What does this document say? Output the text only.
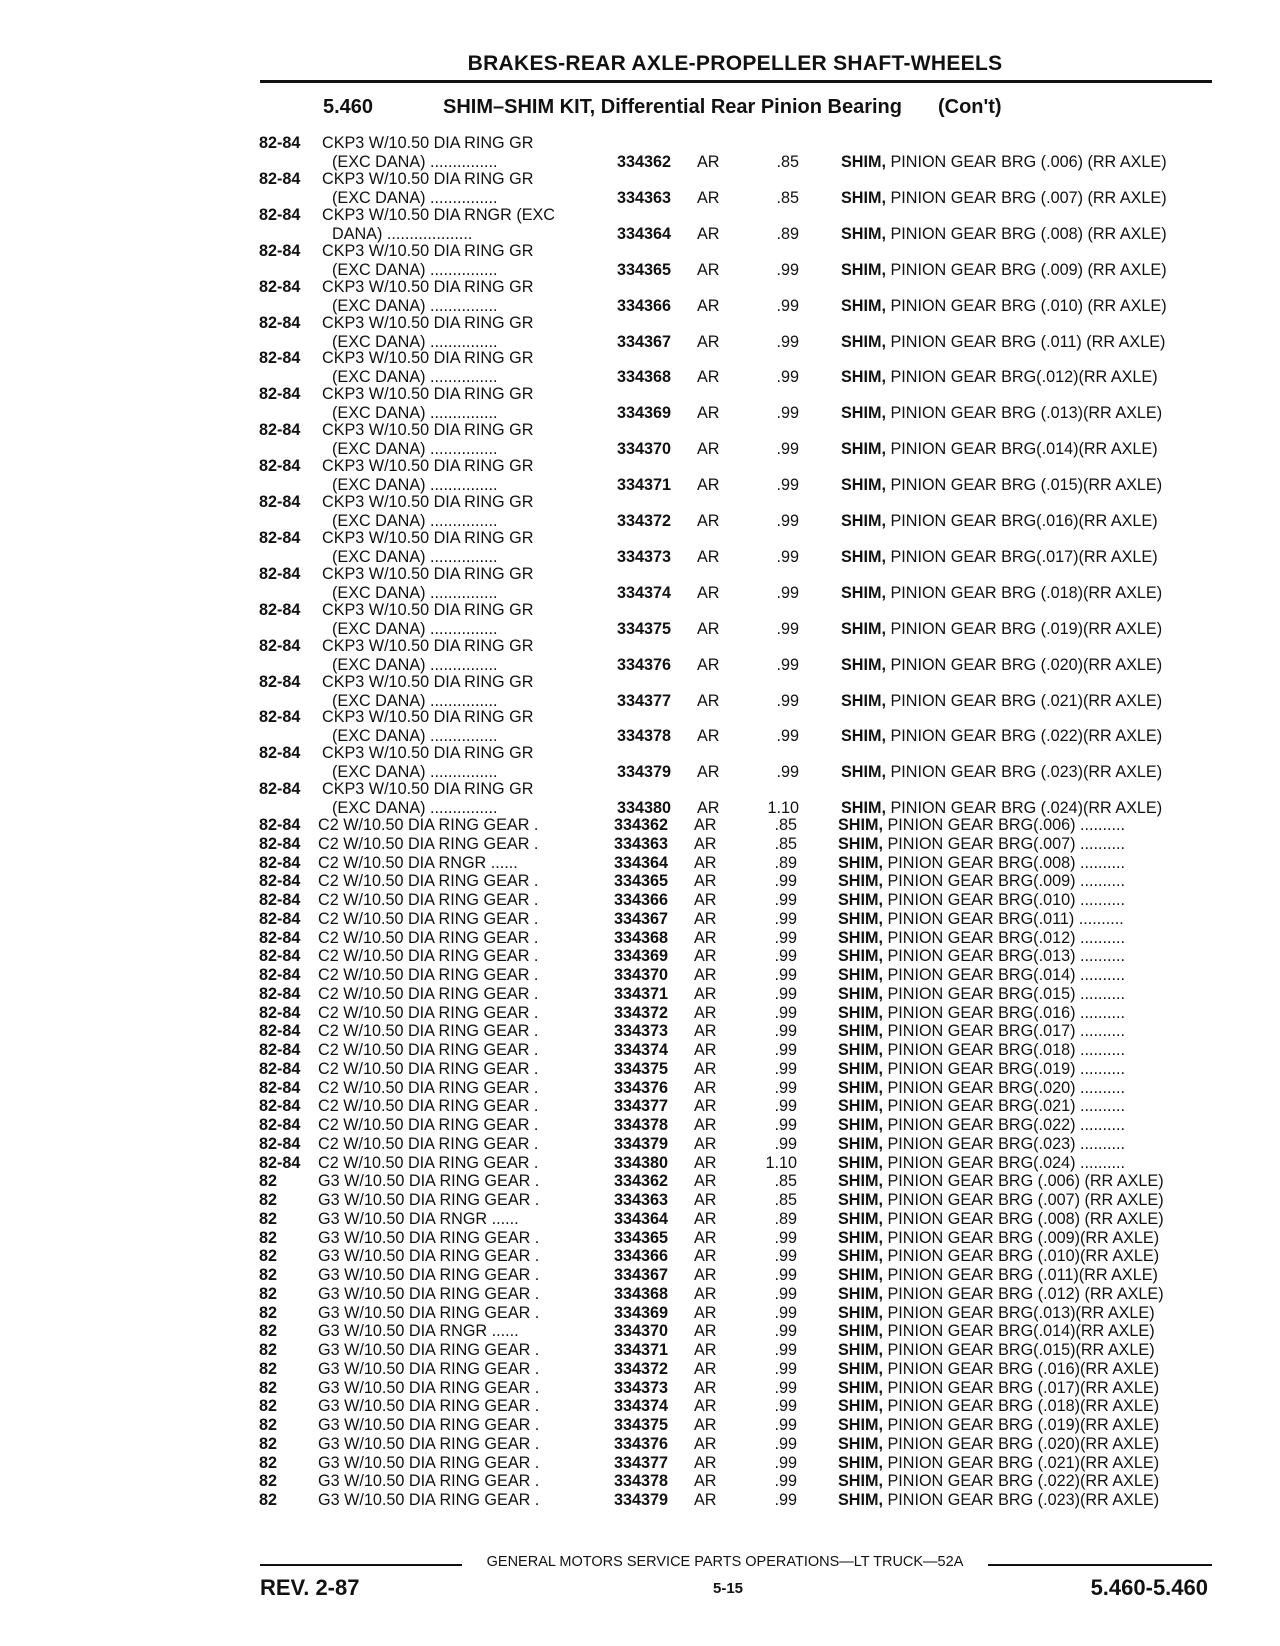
BRAKES-REAR AXLE-PROPELLER SHAFT-WHEELS
5.460	SHIM–SHIM KIT, Differential Rear Pinion Bearing (Con't)
82-84 CKP3 W/10.50 DIA RING GR
(EXC DANA) ...............	334362 AR	.85	SHIM, PINION GEAR BRG (.006) (RR AXLE)
82-84 CKP3 W/10.50 DIA RING GR
(EXC DANA) ...............	334363 AR	.85	SHIM, PINION GEAR BRG (.007) (RR AXLE)
82-84 CKP3 W/10.50 DIA RNGR (EXC
DANA) ...................	334364 AR	.89	SHIM, PINION GEAR BRG (.008) (RR AXLE)
82-84 CKP3 W/10.50 DIA RING GR
(EXC DANA) ...............	334365 AR	.99	SHIM, PINION GEAR BRG (.009) (RR AXLE)
82-84 CKP3 W/10.50 DIA RING GR
(EXC DANA) ...............	334366 AR	.99	SHIM, PINION GEAR BRG (.010) (RR AXLE)
82-84 CKP3 W/10.50 DIA RING GR
(EXC DANA) ...............	334367 AR	.99	SHIM, PINION GEAR BRG (.011) (RR AXLE)
82-84 CKP3 W/10.50 DIA RING GR
(EXC DANA) ...............	334368 AR	.99	SHIM, PINION GEAR BRG(.012)(RR AXLE)
82-84 CKP3 W/10.50 DIA RING GR
(EXC DANA) ...............	334369 AR	.99	SHIM, PINION GEAR BRG (.013)(RR AXLE)
82-84 CKP3 W/10.50 DIA RING GR
(EXC DANA) ...............	334370 AR	.99	SHIM, PINION GEAR BRG(.014)(RR AXLE)
82-84 CKP3 W/10.50 DIA RING GR
(EXC DANA) ...............	334371 AR	.99	SHIM, PINION GEAR BRG (.015)(RR AXLE)
82-84 CKP3 W/10.50 DIA RING GR
(EXC DANA) ...............	334372 AR	.99	SHIM, PINION GEAR BRG(.016)(RR AXLE)
82-84 CKP3 W/10.50 DIA RING GR
(EXC DANA) ...............	334373 AR	.99	SHIM, PINION GEAR BRG(.017)(RR AXLE)
82-84 CKP3 W/10.50 DIA RING GR
(EXC DANA) ...............	334374 AR	.99	SHIM, PINION GEAR BRG (.018)(RR AXLE)
82-84 CKP3 W/10.50 DIA RING GR
(EXC DANA) ...............	334375 AR	.99	SHIM, PINION GEAR BRG (.019)(RR AXLE)
82-84 CKP3 W/10.50 DIA RING GR
(EXC DANA) ...............	334376 AR	.99	SHIM, PINION GEAR BRG (.020)(RR AXLE)
82-84 CKP3 W/10.50 DIA RING GR
(EXC DANA) ...............	334377 AR	.99	SHIM, PINION GEAR BRG (.021)(RR AXLE)
82-84 CKP3 W/10.50 DIA RING GR
(EXC DANA) ...............	334378 AR	.99	SHIM, PINION GEAR BRG (.022)(RR AXLE)
82-84 CKP3 W/10.50 DIA RING GR
(EXC DANA) ...............	334379 AR	.99	SHIM, PINION GEAR BRG (.023)(RR AXLE)
82-84 CKP3 W/10.50 DIA RING GR
(EXC DANA) ...............	334380 AR	1.10	SHIM, PINION GEAR BRG (.024)(RR AXLE)
82-84 C2 W/10.50 DIA RING GEAR .	334362 AR	.85	SHIM, PINION GEAR BRG(.006) ..........
82-84 C2 W/10.50 DIA RING GEAR .	334363 AR	.85	SHIM, PINION GEAR BRG(.007) ..........
82-84 C2 W/10.50 DIA RNGR ......	334364 AR	.89	SHIM, PINION GEAR BRG(.008) ..........
82-84 C2 W/10.50 DIA RING GEAR .	334365 AR	.99	SHIM, PINION GEAR BRG(.009) ..........
82-84 C2 W/10.50 DIA RING GEAR .	334366 AR	.99	SHIM, PINION GEAR BRG(.010) ..........
82-84 C2 W/10.50 DIA RING GEAR .	334367 AR	.99	SHIM, PINION GEAR BRG(.011) ..........
82-84 C2 W/10.50 DIA RING GEAR .	334368 AR	.99	SHIM, PINION GEAR BRG(.012) ..........
82-84 C2 W/10.50 DIA RING GEAR .	334369 AR	.99	SHIM, PINION GEAR BRG(.013) ..........
82-84 C2 W/10.50 DIA RING GEAR .	334370 AR	.99	SHIM, PINION GEAR BRG(.014) ..........
82-84 C2 W/10.50 DIA RING GEAR .	334371 AR	.99	SHIM, PINION GEAR BRG(.015) ..........
82-84 C2 W/10.50 DIA RING GEAR .	334372 AR	.99	SHIM, PINION GEAR BRG(.016) ..........
82-84 C2 W/10.50 DIA RING GEAR .	334373 AR	.99	SHIM, PINION GEAR BRG(.017) ..........
82-84 C2 W/10.50 DIA RING GEAR .	334374 AR	.99	SHIM, PINION GEAR BRG(.018) ..........
82-84 C2 W/10.50 DIA RING GEAR .	334375 AR	.99	SHIM, PINION GEAR BRG(.019) ..........
82-84 C2 W/10.50 DIA RING GEAR .	334376 AR	.99	SHIM, PINION GEAR BRG(.020) ..........
82-84 C2 W/10.50 DIA RING GEAR .	334377 AR	.99	SHIM, PINION GEAR BRG(.021) ..........
82-84 C2 W/10.50 DIA RING GEAR .	334378 AR	.99	SHIM, PINION GEAR BRG(.022) ..........
82-84 C2 W/10.50 DIA RING GEAR .	334379 AR	.99	SHIM, PINION GEAR BRG(.023) ..........
82-84 C2 W/10.50 DIA RING GEAR .	334380 AR	1.10	SHIM, PINION GEAR BRG(.024) ..........
82	G3 W/10.50 DIA RING GEAR .	334362 AR	.85	SHIM, PINION GEAR BRG (.006) (RR AXLE)
82	G3 W/10.50 DIA RING GEAR .	334363 AR	.85	SHIM, PINION GEAR BRG (.007) (RR AXLE)
82	G3 W/10.50 DIA RNGR ......	334364 AR	.89	SHIM, PINION GEAR BRG (.008) (RR AXLE)
82	G3 W/10.50 DIA RING GEAR .	334365 AR	.99	SHIM, PINION GEAR BRG (.009)(RR AXLE)
82	G3 W/10.50 DIA RING GEAR .	334366 AR	.99	SHIM, PINION GEAR BRG (.010)(RR AXLE)
82	G3 W/10.50 DIA RING GEAR .	334367 AR	.99	SHIM, PINION GEAR BRG (.011)(RR AXLE)
82	G3 W/10.50 DIA RING GEAR .	334368 AR	.99	SHIM, PINION GEAR BRG (.012) (RR AXLE)
82	G3 W/10.50 DIA RING GEAR .	334369 AR	.99	SHIM, PINION GEAR BRG(.013)(RR AXLE)
82	G3 W/10.50 DIA RNGR ......	334370 AR	.99	SHIM, PINION GEAR BRG(.014)(RR AXLE)
82	G3 W/10.50 DIA RING GEAR .	334371 AR	.99	SHIM, PINION GEAR BRG(.015)(RR AXLE)
82	G3 W/10.50 DIA RING GEAR .	334372 AR	.99	SHIM, PINION GEAR BRG (.016)(RR AXLE)
82	G3 W/10.50 DIA RING GEAR .	334373 AR	.99	SHIM, PINION GEAR BRG (.017)(RR AXLE)
82	G3 W/10.50 DIA RING GEAR .	334374 AR	.99	SHIM, PINION GEAR BRG (.018)(RR AXLE)
82	G3 W/10.50 DIA RING GEAR .	334375 AR	.99	SHIM, PINION GEAR BRG (.019)(RR AXLE)
82	G3 W/10.50 DIA RING GEAR .	334376 AR	.99	SHIM, PINION GEAR BRG (.020)(RR AXLE)
82	G3 W/10.50 DIA RING GEAR .	334377 AR	.99	SHIM, PINION GEAR BRG (.021)(RR AXLE)
82	G3 W/10.50 DIA RING GEAR .	334378 AR	.99	SHIM, PINION GEAR BRG (.022)(RR AXLE)
82	G3 W/10.50 DIA RING GEAR .	334379 AR	.99	SHIM, PINION GEAR BRG (.023)(RR AXLE)
GENERAL MOTORS SERVICE PARTS OPERATIONS—LT TRUCK—52A
REV. 2-87	5-15	5.460-5.460
